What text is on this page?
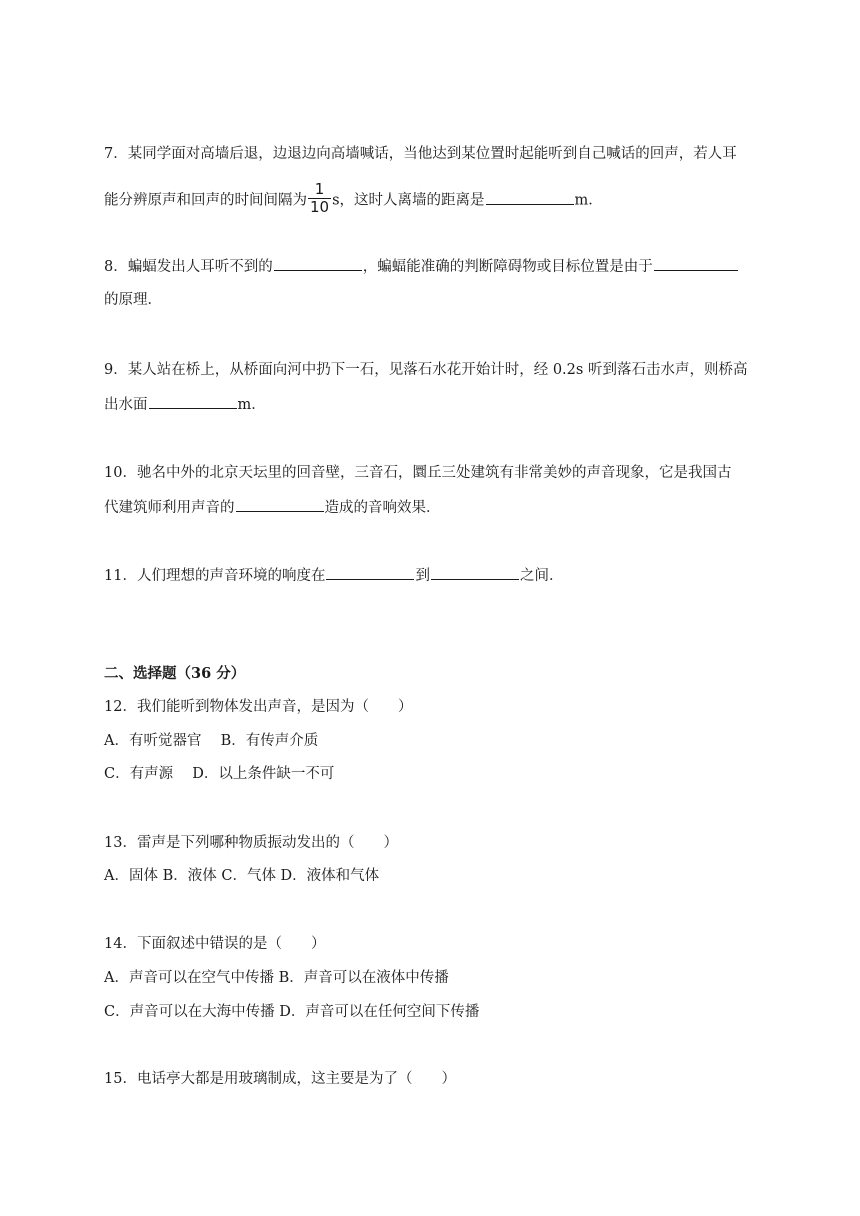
7．某同学面对高墙后退，边退边向高墙喊话，当他达到某位置时起能听到自己喊话的回声，若人耳
能分辨原声和回声的时间间隔为 $\frac{1}{10}$ s，这时人离墙的距离是	m．
8．蝙蝠发出人耳听不到的	，蝙蝠能准确的判断障碍物或目标位置是由于
的原理．
9．某人站在桥上，从桥面向河中扔下一石，见落石水花开始计时，经 0.2s 听到落石击水声，则桥高
出水面	m．
10．驰名中外的北京天坛里的回音壁，三音石，圜丘三处建筑有非常美妙的声音现象，它是我国古
代建筑师利用声音的	造成的音响效果．
11．人们理想的声音环境的响度在	到	之间．
二、选择题（36 分）
12．我们能听到物体发出声音，是因为（　　）
A．有听觉器官　 B．有传声介质
C．有声源　 D．以上条件缺一不可
13．雷声是下列哪种物质振动发出的（　　）
A．固体 B．液体 C．气体 D．液体和气体
14．下面叙述中错误的是（　　）
A．声音可以在空气中传播 B．声音可以在液体中传播
C．声音可以在大海中传播 D．声音可以在任何空间下传播
15．电话亭大都是用玻璃制成，这主要是为了（　　）
